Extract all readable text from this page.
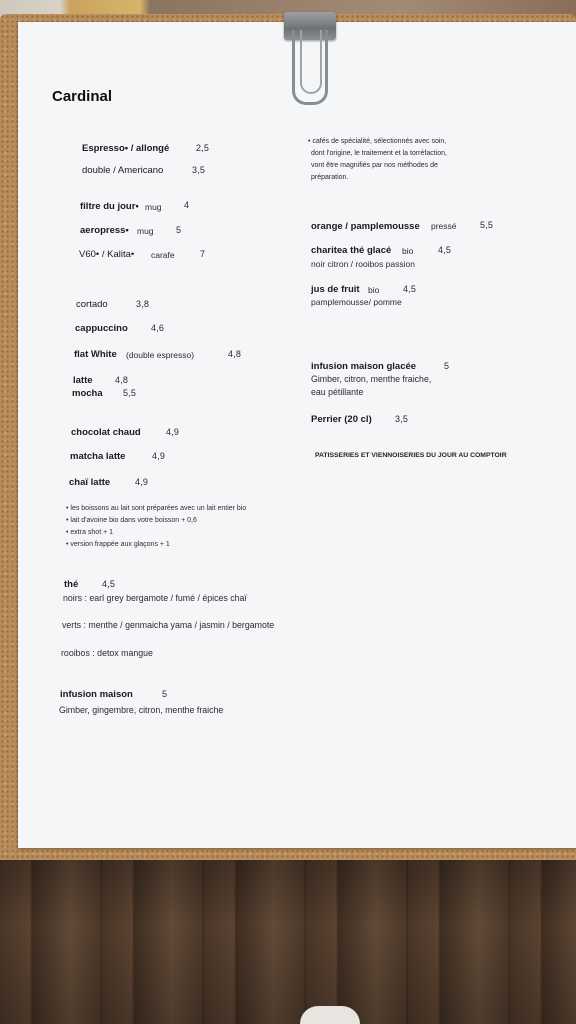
Cardinal
Espresso• / allongé	2,5
double / Americano	3,5
filtre du jour• mug 4
aeropress• mug 5
V60• / Kalita• carafe	7
cortado	3,8
cappuccino	4,6
flat White (double espresso)	4,8
latte 4,8
mocha 5,5
chocolat chaud	4,9
matcha latte	4,9
chaï latte	4,9
• les boissons au lait sont préparées avec un lait entier bio
• lait d'avoine bio dans votre boisson + 0,6
• extra shot + 1
• version frappée aux glaçons + 1
thé	4,5
noirs : earl grey bergamote / fumé / épices chaï
verts : menthe / genmaicha yama / jasmin / bergamote
rooibos : detox mangue
infusion maison	5
Gimber, gingembre, citron, menthe fraiche
• cafés de spécialité, sélectionnés avec soin,
dont l'origine, le traitement et la torréfaction,
vont être magnifiés par nos méthodes de
préparation.
orange / pamplemousse pressé	5,5
charitea thé glacé bio	4,5
noir citron / rooibos passion
jus de fruit bio	4,5
pamplemousse/ pomme
infusion maison glacée	5
Gimber, citron, menthe fraiche,
eau pétillante
Perrier (20 cl)	3,5
PATISSERIES ET VIENNOISERIES DU JOUR AU COMPTOIR
